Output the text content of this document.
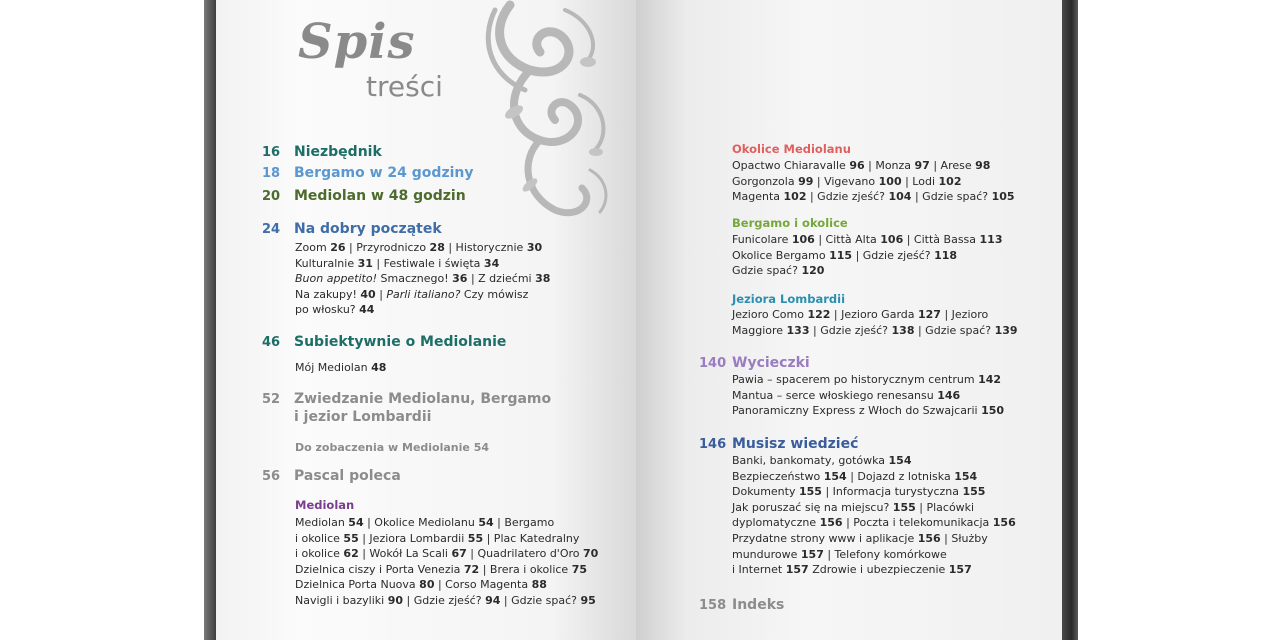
Spis
treści
16 Niezbędnik
18 Bergamo w 24 godziny
20 Mediolan w 48 godzin
24 Na dobry początek
Zoom 26 | Przyrodniczo 28 | Historycznie 30
Kulturalnie 31 | Festiwale i święta 34
Buon appetito! Smacznego! 36 | Z dziećmi 38
Na zakupy! 40 | Parli italiano? Czy mówisz
po włosku? 44
46 Subiektywnie o Mediolanie
Mój Mediolan 48
52 Zwiedzanie Mediolanu, Bergamo
i jezior Lombardii
Do zobaczenia w Mediolanie 54
56 Pascal poleca
Mediolan
Mediolan 54 | Okolice Mediolanu 54 | Bergamo
i okolice 55 | Jeziora Lombardii 55 | Plac Katedralny
i okolice 62 | Wokół La Scali 67 | Quadrilatero d'Oro 70
Dzielnica ciszy i Porta Venezia 72 | Brera i okolice 75
Dzielnica Porta Nuova 80 | Corso Magenta 88
Navigli i bazyliki 90 | Gdzie zjeść? 94 | Gdzie spać? 95
Okolice Mediolanu
Opactwo Chiaravalle 96 | Monza 97 | Arese 98
Gorgonzola 99 | Vigevano 100 | Lodi 102
Magenta 102 | Gdzie zjeść? 104 | Gdzie spać? 105
Bergamo i okolice
Funicolare 106 | Città Alta 106 | Città Bassa 113
Okolice Bergamo 115 | Gdzie zjeść? 118
Gdzie spać? 120
Jeziora Lombardii
Jezioro Como 122 | Jezioro Garda 127 | Jezioro
Maggiore 133 | Gdzie zjeść? 138 | Gdzie spać? 139
140 Wycieczki
Pawia – spacerem po historycznym centrum 142
Mantua – serce włoskiego renesansu 146
Panoramiczny Express z Włoch do Szwajcarii 150
146 Musisz wiedzieć
Banki, bankomaty, gotówka 154
Bezpieczeństwo 154 | Dojazd z lotniska 154
Dokumenty 155 | Informacja turystyczna 155
Jak poruszać się na miejscu? 155 | Placówki
dyplomatyczne 156 | Poczta i telekomunikacja 156
Przydatne strony www i aplikacje 156 | Służby
mundurowe 157 | Telefony komórkowe
i Internet 157 Zdrowie i ubezpieczenie 157
158 Indeks
